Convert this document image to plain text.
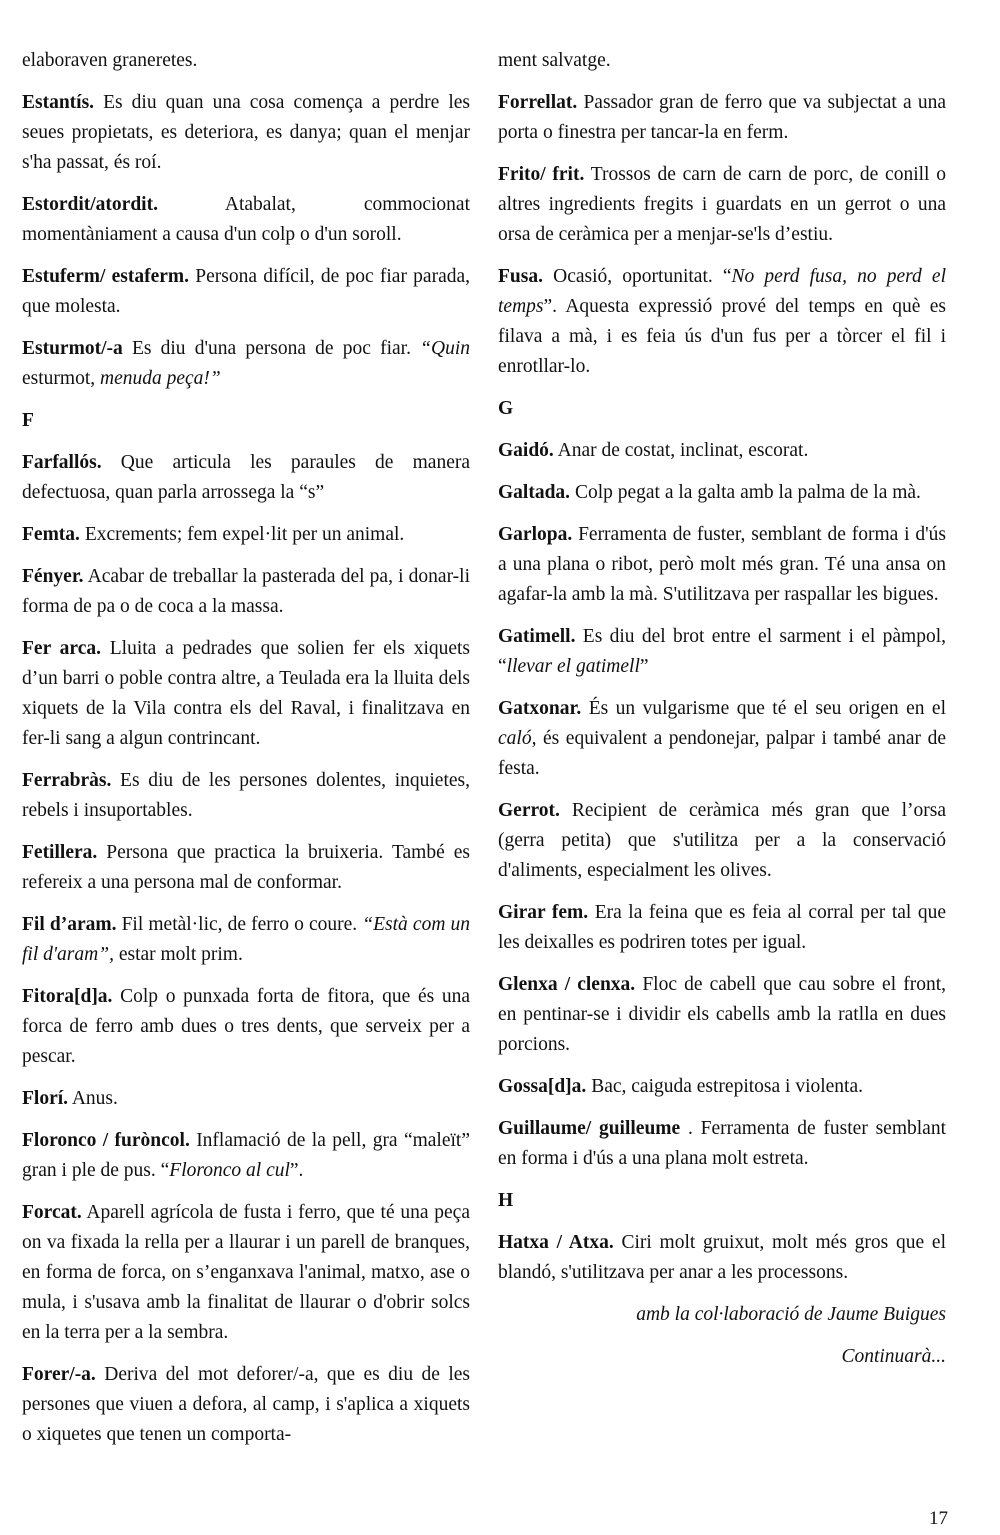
elaboraven graneretes.

Estantís. Es diu quan una cosa comença a perdre les seues propietats, es deteriora, es danya; quan el menjar s'ha passat, és roí.

Estordit/atordit.	Atabalat, commocionat momentàniament a causa d'un colp o d'un soroll.

Estuferm/ estaferm. Persona difícil, de poc fiar parada, que molesta.

Esturmot/-a Es diu d'una persona de poc fiar. “Quin esturmot, menuda peça!”

F

Farfallós. Que articula les paraules de manera defectuosa, quan parla arrossega la “s”

Femta. Excrements; fem expel·lit per un animal.

Fényer. Acabar de treballar la pasterada del pa, i donar-li forma de pa o de coca a la massa.

Fer arca. Lluita a pedrades que solien fer els xiquets d’un barri o poble contra altre, a Teulada era la lluita dels xiquets de la Vila contra els del Raval, i finalitzava en fer-li sang a algun contrincant.

Ferrabràs. Es diu de les persones dolentes, inquietes, rebels i insuportables.

Fetillera. Persona que practica la bruixeria. També es refereix a una persona mal de conformar.

Fil d’aram. Fil metàl·lic, de ferro o coure. “Està com un fil d'aram”, estar molt prim.

Fitora[d]a. Colp o punxada forta de fitora, que és una forca de ferro amb dues o tres dents, que serveix per a pescar.

Florí. Anus.

Floronco / furòncol. Inflamació de la pell, gra “maleït” gran i ple de pus. “Floronco al cul”.

Forcat. Aparell agrícola de fusta i ferro, que té una peça on va fixada la rella per a llaurar i un parell de branques, en forma de forca, on s’enganxava l'animal, matxo, ase o mula, i s'usava amb la finalitat de llaurar o d'obrir solcs en la terra per a la sembra.

Forer/-a. Deriva del mot deforer/-a, que es diu de les persones que viuen a defora, al camp, i s'aplica a xiquets o xiquetes que tenen un comporta-

ment salvatge.

Forrellat. Passador gran de ferro que va subjectat a una porta o finestra per tancar-la en ferm.

Frito/ frit. Trossos de carn de carn de porc, de conill o altres ingredients fregits i guardats en un gerrot o una orsa de ceràmica per a menjar-se'ls d’estiu.

Fusa. Ocasió, oportunitat. “No perd fusa, no perd el temps”. Aquesta expressió prové del temps en què es filava a mà, i es feia ús d'un fus per a tòrcer el fil i enrotllar-lo.

G

Gaidó. Anar de costat, inclinat, escorat.

Galtada. Colp pegat a la galta amb la palma de la mà.

Garlopa. Ferramenta de fuster, semblant de forma i d'ús a una plana o ribot, però molt més gran. Té una ansa on agafar-la amb la mà. S'utilitzava per raspallar les bigues.

Gatimell. Es diu del brot entre el sarment i el pàmpol, “llevar el gatimell”

Gatxonar. És un vulgarisme que té el seu origen en el caló, és equivalent a pendonejar, palpar i també anar de festa.

Gerrot. Recipient de ceràmica més gran que l’orsa (gerra petita) que s'utilitza per a la conservació d'aliments, especialment les olives.

Girar fem. Era la feina que es feia al corral per tal que les deixalles es podriren totes per igual.

Glenxa / clenxa. Floc de cabell que cau sobre el front, en pentinar-se i dividir els cabells amb la ratlla en dues porcions.

Gossa[d]a. Bac, caiguda estrepitosa i violenta.

Guillaume/ guilleume . Ferramenta de fuster semblant en forma i d'ús a una plana molt estreta.

H

Hatxa / Atxa. Ciri molt gruixut, molt més gros que el blandó, s'utilitzava per anar a les processons.

amb la col·laboració de Jaume Buigues
Continuarà...
17
